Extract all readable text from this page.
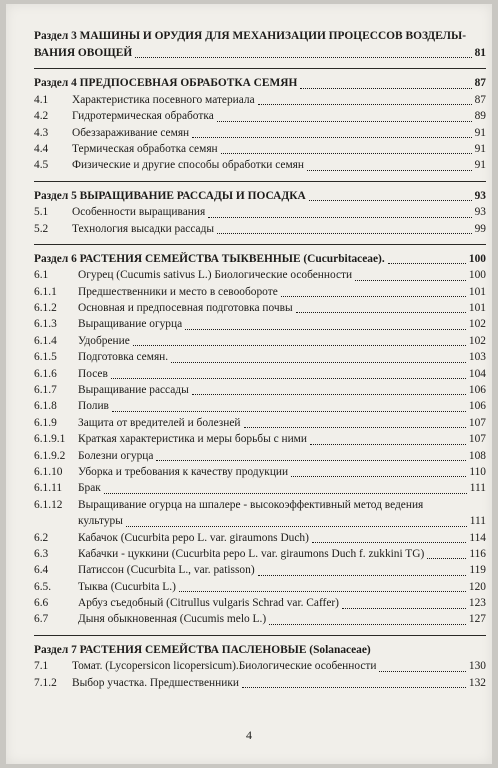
Раздел 3 МАШИНЫ И ОРУДИЯ ДЛЯ МЕХАНИЗАЦИИ ПРОЦЕССОВ ВОЗДЕЛЫ-
ВАНИЯ ОВОЩЕЙ	81
Раздел 4 ПРЕДПОСЕВНАЯ ОБРАБОТКА СЕМЯН	87
4.1	Характеристика посевного материала	87
4.2	Гидротермическая обработка	89
4.3	Обеззараживание семян	91
4.4	Термическая обработка семян	91
4.5	Физические и другие способы обработки семян	91
Раздел 5 ВЫРАЩИВАНИЕ РАССАДЫ И ПОСАДКА	93
5.1	Особенности выращивания	93
5.2	Технология высадки рассады	99
Раздел 6 РАСТЕНИЯ СЕМЕЙСТВА ТЫКВЕННЫЕ (Cucurbitaceae).	100
6.1	Огурец (Cucumis sativus L.) Биологические особенности	100
6.1.1	Предшественники и место в севообороте	101
6.1.2	Основная и предпосевная подготовка почвы	101
6.1.3	Выращивание огурца	102
6.1.4	Удобрение	102
6.1.5	Подготовка семян.	103
6.1.6	Посев	104
6.1.7	Выращивание рассады	106
6.1.8	Полив	106
6.1.9	Защита от вредителей и болезней	107
6.1.9.1	Краткая характеристика и меры борьбы с ними	107
6.1.9.2	Болезни огурца	108
6.1.10	Уборка и требования к качеству продукции	110
6.1.11	Брак	111
6.1.12	Выращивание огурца на шпалере - высокоэффективный метод ведения
культуры	111
6.2	Кабачок (Cucurbita pepo L. var. giraumons Duch)	114
6.3	Кабачки - цуккини (Cucurbita pepo L. var. giraumons Duch f. zukkini TG)	116
6.4	Патиссон (Cucurbita L., var. patisson)	119
6.5.	Тыква (Cucurbita L.)	120
6.6	Арбуз съедобный (Citrullus vulgaris Schrad var. Caffer)	123
6.7	Дыня обыкновенная (Cucumis melo L.)	127
Раздел 7 РАСТЕНИЯ СЕМЕЙСТВА ПАСЛЕНОВЫЕ (Solanaceae)
7.1	Томат. (Lycopersicon licopersicum).Биологические особенности	130
7.1.2	Выбор участка. Предшественники	132
4
